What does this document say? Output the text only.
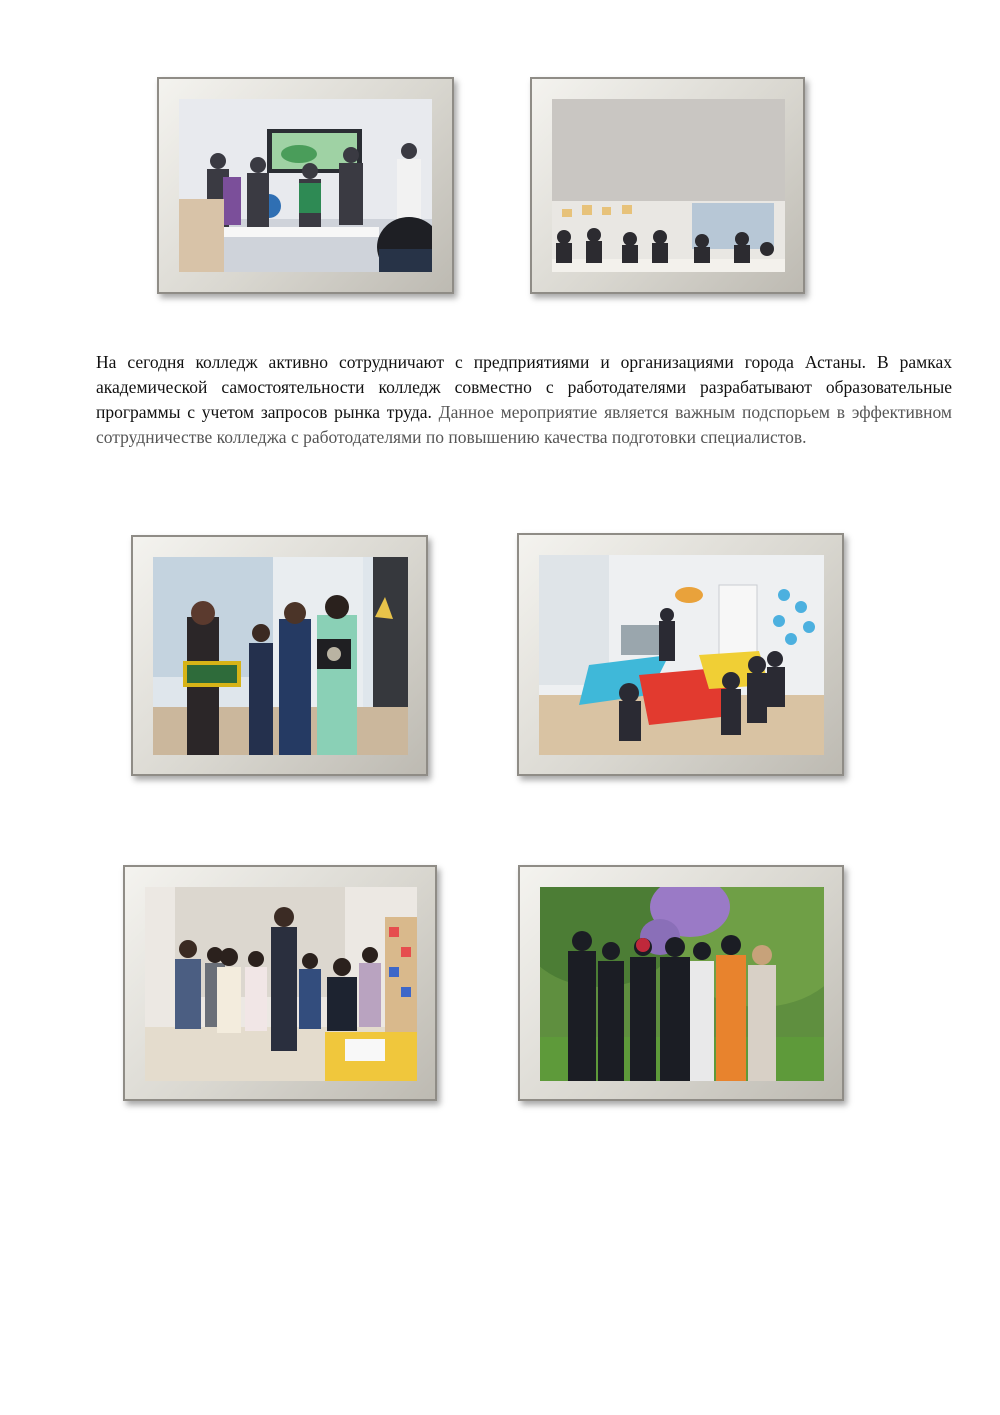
На сегодня колледж активно сотрудничают с предприятиями и организациями города Астаны. В рамках академической самостоятельности колледж совместно с работодателями разрабатывают образовательные программы с учетом запросов рынка труда. Данное мероприятие является важным подспорьем в эффективном сотрудничестве колледжа с работодателями по повышению качества подготовки специалистов.
